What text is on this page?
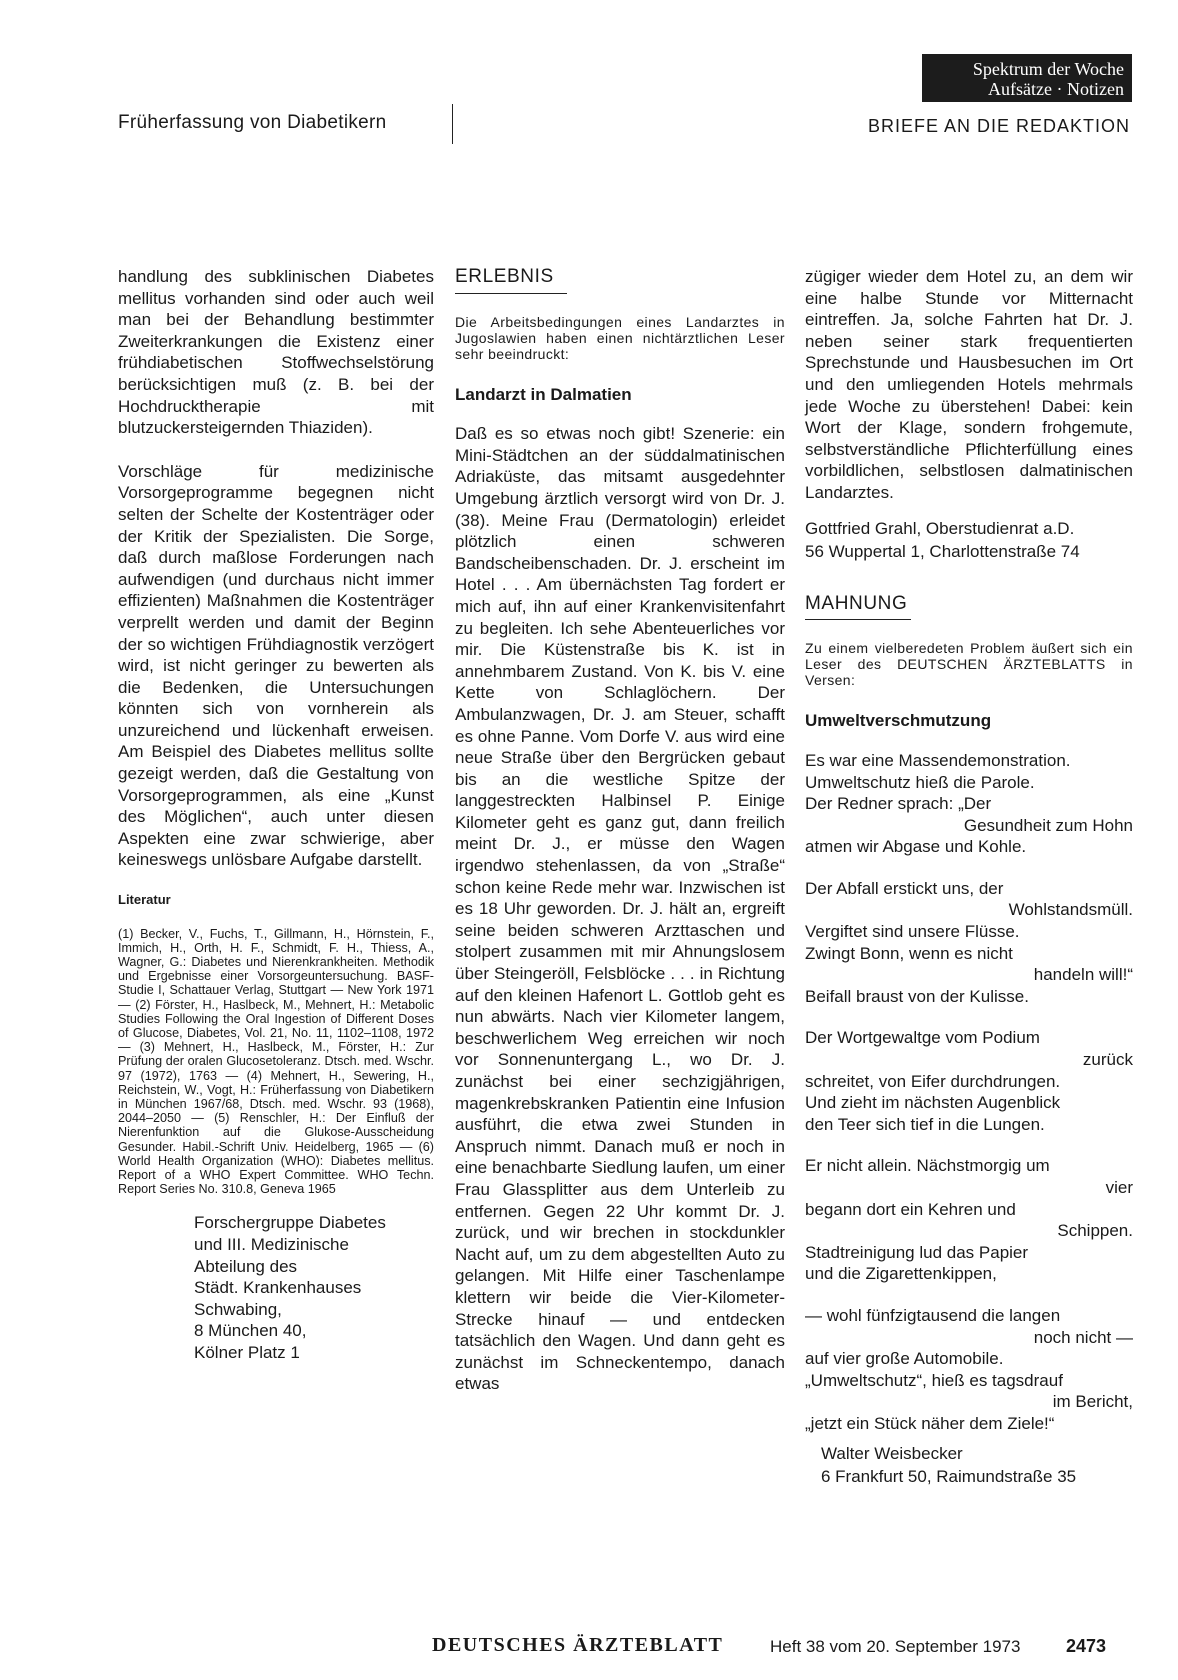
Spektrum der Woche
Aufsätze · Notizen
Früherfassung von Diabetikern	BRIEFE AN DIE REDAKTION

handlung des subklinischen Diabetes mellitus vorhanden sind oder auch weil man bei der Behandlung bestimmter Zweiterkrankungen die Existenz einer frühdiabetischen Stoffwechselstörung berücksichtigen muß (z. B. bei der Hochdrucktherapie mit blutzuckersteigernden Thiaziden).

Vorschläge für medizinische Vorsorgeprogramme begegnen nicht selten der Schelte der Kostenträger oder der Kritik der Spezialisten. Die Sorge, daß durch maßlose Forderungen nach aufwendigen (und durchaus nicht immer effizienten) Maßnahmen die Kostenträger verprellt werden und damit der Beginn der so wichtigen Frühdiagnostik verzögert wird, ist nicht geringer zu bewerten als die Bedenken, die Untersuchungen könnten sich von vornherein als unzureichend und lückenhaft erweisen. Am Beispiel des Diabetes mellitus sollte gezeigt werden, daß die Gestaltung von Vorsorgeprogrammen, als eine „Kunst des Möglichen“, auch unter diesen Aspekten eine zwar schwierige, aber keineswegs unlösbare Aufgabe darstellt.

Literatur
(1) Becker, V., Fuchs, T., Gillmann, H., Hörnstein, F., Immich, H., Orth, H. F., Schmidt, F. H., Thiess, A., Wagner, G.: Diabetes und Nierenkrankheiten. Methodik und Ergebnisse einer Vorsorgeuntersuchung. BASF-Studie I, Schattauer Verlag, Stuttgart — New York 1971 — (2) Förster, H., Haslbeck, M., Mehnert, H.: Metabolic Studies Following the Oral Ingestion of Different Doses of Glucose, Diabetes, Vol. 21, No. 11, 1102–1108, 1972 — (3) Mehnert, H., Haslbeck, M., Förster, H.: Zur Prüfung der oralen Glucosetoleranz. Dtsch. med. Wschr. 97 (1972), 1763 — (4) Mehnert, H., Sewering, H., Reichstein, W., Vogt, H.: Früherfassung von Diabetikern in München 1967/68, Dtsch. med. Wschr. 93 (1968), 2044–2050 — (5) Renschler, H.: Der Einfluß der Nierenfunktion auf die Glukose-Ausscheidung Gesunder. Habil.-Schrift Univ. Heidelberg, 1965 — (6) World Health Organization (WHO): Diabetes mellitus. Report of a WHO Expert Committee. WHO Techn. Report Series No. 310.8, Geneva 1965
Forschergruppe Diabetes
und III. Medizinische
Abteilung des
Städt. Krankenhauses
Schwabing,
8 München 40,
Kölner Platz 1
ERLEBNIS
Die Arbeitsbedingungen eines Landarztes in Jugoslawien haben einen nichtärztlichen Leser sehr beeindruckt:
Landarzt in Dalmatien

Daß es so etwas noch gibt! Szenerie: ein Mini-Städtchen an der süddalmatinischen Adriaküste, das mitsamt ausgedehnter Umgebung ärztlich versorgt wird von Dr. J. (38). Meine Frau (Dermatologin) erleidet plötzlich einen schweren Bandscheibenschaden. Dr. J. erscheint im Hotel . . . Am übernächsten Tag fordert er mich auf, ihn auf einer Krankenvisitenfahrt zu begleiten. Ich sehe Abenteuerliches vor mir. Die Küstenstraße bis K. ist in annehmbarem Zustand. Von K. bis V. eine Kette von Schlaglöchern. Der Ambulanzwagen, Dr. J. am Steuer, schafft es ohne Panne. Vom Dorfe V. aus wird eine neue Straße über den Bergrücken gebaut bis an die westliche Spitze der langgestreckten Halbinsel P. Einige Kilometer geht es ganz gut, dann freilich meint Dr. J., er müsse den Wagen irgendwo stehenlassen, da von „Straße“ schon keine Rede mehr war. Inzwischen ist es 18 Uhr geworden. Dr. J. hält an, ergreift seine beiden schweren Arzttaschen und stolpert zusammen mit mir Ahnungslosem über Steingeröll, Felsblöcke . . . in Richtung auf den kleinen Hafenort L. Gottlob geht es nun abwärts. Nach vier Kilometer langem, beschwerlichem Weg erreichen wir noch vor Sonnenuntergang L., wo Dr. J. zunächst bei einer sechzigjährigen, magenkrebskranken Patientin eine Infusion ausführt, die etwa zwei Stunden in Anspruch nimmt. Danach muß er noch in eine benachbarte Siedlung laufen, um einer Frau Glassplitter aus dem Unterleib zu entfernen. Gegen 22 Uhr kommt Dr. J. zurück, und wir brechen in stockdunkler Nacht auf, um zu dem abgestellten Auto zu gelangen. Mit Hilfe einer Taschenlampe klettern wir beide die Vier-Kilometer-Strecke hinauf — und entdecken tatsächlich den Wagen. Und dann geht es zunächst im Schneckentempo, danach etwas

zügiger wieder dem Hotel zu, an dem wir eine halbe Stunde vor Mitternacht eintreffen. Ja, solche Fahrten hat Dr. J. neben seiner stark frequentierten Sprechstunde und Hausbesuchen im Ort und den umliegenden Hotels mehrmals jede Woche zu überstehen! Dabei: kein Wort der Klage, sondern frohgemute, selbstverständliche Pflichterfüllung eines vorbildlichen, selbstlosen dalmatinischen Landarztes.

Gottfried Grahl, Oberstudienrat a.D.
56 Wuppertal 1, Charlottenstraße 74
MAHNUNG
Zu einem vielberedeten Problem äußert sich ein Leser des DEUTSCHEN ÄRZTEBLATTS in Versen:
Umweltverschmutzung
Es war eine Massendemonstration.
Umweltschutz hieß die Parole.
Der Redner sprach: „Der
Gesundheit zum Hohn
atmen wir Abgase und Kohle.
Der Abfall erstickt uns, der
Wohlstandsmüll.
Vergiftet sind unsere Flüsse.
Zwingt Bonn, wenn es nicht
handeln will!“
Beifall braust von der Kulisse.
Der Wortgewaltge vom Podium
zurück
schreitet, von Eifer durchdrungen.
Und zieht im nächsten Augenblick
den Teer sich tief in die Lungen.
Er nicht allein. Nächstmorgig um
vier
begann dort ein Kehren und
Schippen.
Stadtreinigung lud das Papier
und die Zigarettenkippen,
— wohl fünfzigtausend die langen
noch nicht —
auf vier große Automobile.
„Umweltschutz“, hieß es tagsdrauf
im Bericht,
„jetzt ein Stück näher dem Ziele!“
Walter Weisbecker
6 Frankfurt 50, Raimundstraße 35
DEUTSCHES ÄRZTEBLATT	Heft 38 vom 20. September 1973	2473
